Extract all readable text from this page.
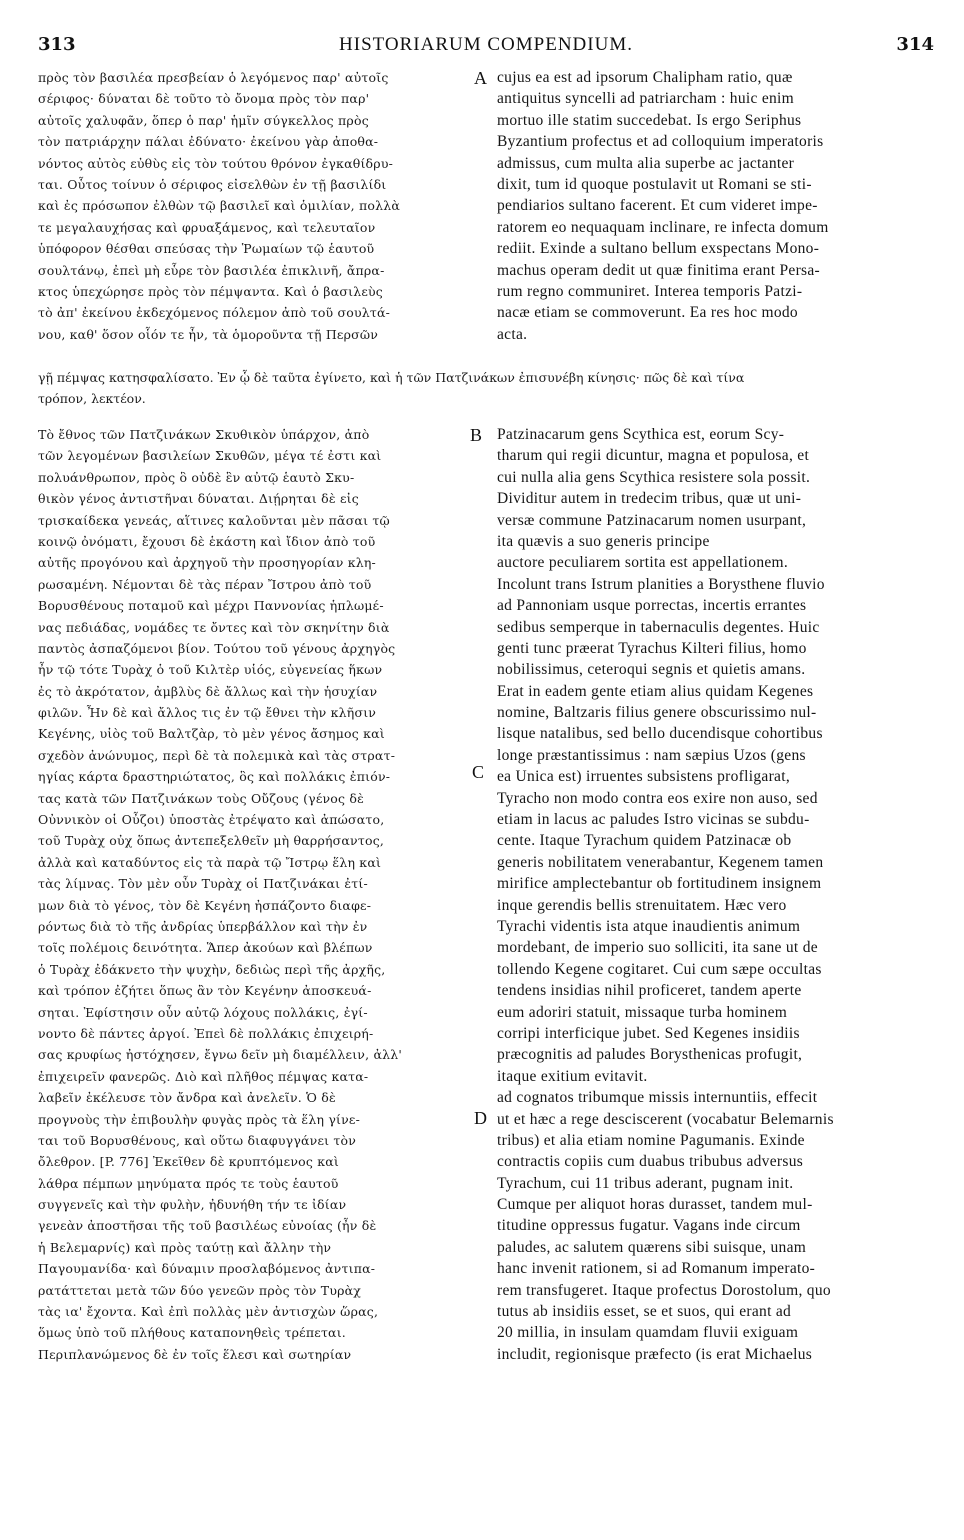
313	HISTORIARUM COMPENDIUM.	314
πρὸς τὸν βασιλέα πρεσβείαν ὁ λεγόμενος παρ' αὐτοῖς
σέριφος· δύναται δὲ τοῦτο τὸ ὄνομα πρὸς τὸν παρ'
αὐτοῖς χαλυφᾶν, ὅπερ ὁ παρ' ἡμῖν σύγκελλος πρὸς
τὸν πατριάρχην πάλαι ἐδύνατο· ἐκείνου γὰρ ἀποθα-
νόντος αὐτὸς εὐθὺς εἰς τὸν τούτου θρόνον ἐγκαθίδρυ-
ται. Οὗτος τοίνυν ὁ σέριφος εἰσελθὼν ἐν τῇ βασιλίδι
καὶ ἐς πρόσωπον ἐλθὼν τῷ βασιλεῖ καὶ ὁμιλίαν, πολλὰ
τε μεγαλαυχήσας καὶ φρυαξάμενος, καὶ τελευταῖον
ὑπόφορον θέσθαι σπεύσας τὴν Ῥωμαίων τῷ ἑαυτοῦ
σουλτάνῳ, ἐπεὶ μὴ εὗρε τὸν βασιλέα ἐπικλινῆ, ἄπρα-
κτος ὑπεχώρησε πρὸς τὸν πέμψαντα. Καὶ ὁ βασιλεὺς
τὸ ἀπ' ἐκείνου ἐκδεχόμενος πόλεμον ἀπὸ τοῦ σουλτά-
νου, καθ' ὅσον οἷόν τε ἦν, τὰ ὁμοροῦντα τῇ Περσῶν
cujus ea est ad ipsorum Chalipham ratio, quæ
antiquitus syncelli ad patriarcham : huic enim
mortuo ille statim succedebat. Is ergo Seriphus
Byzantium profectus et ad colloquium imperatoris
admissus, cum multa alia superbe ac jactanter
dixit, tum id quoque postulavit ut Romani se sti-
pendiarios sultano facerent. Et cum videret impe-
ratorem eo nequaquam inclinare, re infecta domum
rediit. Exinde a sultano bellum exspectans Mono-
machus operam dedit ut quæ finitima erant Persa-
rum regno communiret. Interea temporis Patzi-
nacæ etiam se commoverunt. Ea res hoc modo
acta.
A
γῇ πέμψας κατησφαλίσατο. Ἐν ᾧ δὲ ταῦτα ἐγίνετο, καὶ ἡ τῶν Πατζινάκων ἐπισυνέβη κίνησις· πῶς δὲ καὶ τίνα
τρόπον, λεκτέον.
Τὸ ἔθνος τῶν Πατζινάκων Σκυθικὸν ὑπάρχον, ἀπὸ
τῶν λεγομένων βασιλείων Σκυθῶν, μέγα τέ ἐστι καὶ
πολυάνθρωπον, πρὸς ὃ οὐδὲ ἓν αὐτῷ ἑαυτὸ Σκυ-
θικὸν γένος ἀντιστῆναι δύναται. Διῄρηται δὲ εἰς
τρισκαίδεκα γενεάς, αἵτινες καλοῦνται μὲν πᾶσαι τῷ
κοινῷ ὀνόματι, ἔχουσι δὲ ἑκάστη καὶ ἴδιον ἀπὸ τοῦ
αὐτῆς προγόνου καὶ ἀρχηγοῦ τὴν προσηγορίαν κλη-
ρωσαμένη. Νέμονται δὲ τὰς πέραν Ἴστρου ἀπὸ τοῦ
Βορυσθένους ποταμοῦ καὶ μέχρι Παννονίας ἡπλωμέ-
νας πεδιάδας, νομάδες τε ὄντες καὶ τὸν σκηνίτην διὰ
παντὸς ἀσπαζόμενοι βίον. Τούτου τοῦ γένους ἀρχηγὸς
ἦν τῷ τότε Τυρὰχ ὁ τοῦ Κιλτὲρ υἱός, εὐγενείας ἥκων
ἐς τὸ ἀκρότατον, ἀμβλὺς δὲ ἄλλως καὶ τὴν ἡσυχίαν
φιλῶν. Ἦν δὲ καὶ ἄλλος τις ἐν τῷ ἔθνει τὴν κλῆσιν
Κεγένης, υἱὸς τοῦ Βαλτζὰρ, τὸ μὲν γένος ἄσημος καὶ
σχεδὸν ἀνώνυμος, περὶ δὲ τὰ πολεμικὰ καὶ τὰς στρατ-
ηγίας κάρτα δραστηριώτατος, ὃς καὶ πολλάκις ἐπιόν-
τας κατὰ τῶν Πατζινάκων τοὺς Οὔζους (γένος δὲ
Οὐννικὸν οἱ Οὖζοι) ὑποστὰς ἐτρέψατο καὶ ἀπώσατο,
τοῦ Τυρὰχ οὐχ ὅπως ἀντεπεξελθεῖν μὴ θαρρήσαντος,
ἀλλὰ καὶ καταδύντος εἰς τὰ παρὰ τῷ Ἴστρῳ ἕλη καὶ
τὰς λίμνας. Τὸν μὲν οὖν Τυρὰχ οἱ Πατζινάκαι ἐτί-
μων διὰ τὸ γένος, τὸν δὲ Κεγένη ἠσπάζοντο διαφε-
ρόντως διὰ τὸ τῆς ἀνδρίας ὑπερβάλλον καὶ τὴν ἐν
τοῖς πολέμοις δεινότητα. Ἅπερ ἀκούων καὶ βλέπων
ὁ Τυρὰχ ἐδάκνετο τὴν ψυχὴν, δεδιὼς περὶ τῆς ἀρχῆς,
καὶ τρόπον ἐζήτει ὅπως ἂν τὸν Κεγένην ἀποσκευά-
σηται. Ἐφίστησιν οὖν αὐτῷ λόχους πολλάκις, ἐγί-
νοντο δὲ πάντες ἀργοί. Ἐπεὶ δὲ πολλάκις ἐπιχειρή-
σας κρυφίως ἠστόχησεν, ἔγνω δεῖν μὴ διαμέλλειν, ἀλλ'
ἐπιχειρεῖν φανερῶς. Διὸ καὶ πλῆθος πέμψας κατα-
λαβεῖν ἐκέλευσε τὸν ἄνδρα καὶ ἀνελεῖν. Ὁ δὲ
προγνοὺς τὴν ἐπιβουλὴν φυγὰς πρὸς τὰ ἕλη γίνε-
ται τοῦ Βορυσθένους, καὶ οὕτω διαφυγγάνει τὸν
ὄλεθρον. [P. 776] Ἐκεῖθεν δὲ κρυπτόμενος καὶ
λάθρα πέμπων μηνύματα πρός τε τοὺς ἑαυτοῦ
συγγενεῖς καὶ τὴν φυλὴν, ἠδυνήθη τήν τε ἰδίαν
γενεὰν ἀποστῆσαι τῆς τοῦ βασιλέως εὐνοίας (ἦν δὲ
ἡ Βελεμαρνίς) καὶ πρὸς ταύτῃ καὶ ἄλλην τὴν
Παγουμανίδα· καὶ δύναμιν προσλαβόμενος ἀντιπα-
ρατάττεται μετὰ τῶν δύο γενεῶν πρὸς τὸν Τυρὰχ
τὰς ια' ἔχοντα. Καὶ ἐπὶ πολλὰς μὲν ἀντισχὼν ὥρας,
ὅμως ὑπὸ τοῦ πλήθους καταπονηθεὶς τρέπεται.
Περιπλανώμενος δὲ ἐν τοῖς ἕλεσι καὶ σωτηρίαν
Patzinacarum gens Scythica est, eorum Scy-
tharum qui regii dicuntur, magna et populosa, et
cui nulla alia gens Scythica resistere sola possit.
Dividitur autem in tredecim tribus, quæ ut uni-
versæ commune Patzinacarum nomen usurpant,
ita quævis a suo generis principe
auctore peculiarem sortita est appellationem.
Incolunt trans Istrum planities a Borysthene fluvio
ad Pannoniam usque porrectas, incertis errantes
sedibus semperque in tabernaculis degentes. Huic
genti tunc præerat Tyrachus Kilteri filius, homo
nobilissimus, ceteroqui segnis et quietis amans.
Erat in eadem gente etiam alius quidam Kegenes
nomine, Baltzaris filius genere obscurissimo nul-
lisque natalibus, sed bello ducendisque cohortibus
longe præstantissimus : nam sæpius Uzos (gens
ea Unica est) irruentes subsistens profligarat,
Tyracho non modo contra eos exire non auso, sed
etiam in lacus ac paludes Istro vicinas se subdu-
cente. Itaque Tyrachum quidem Patzinacæ ob
generis nobilitatem venerabantur, Kegenem tamen
mirifice amplectebantur ob fortitudinem insignem
inque gerendis bellis strenuitatem. Hæc vero
Tyrachi videntis ista atque inaudientis animum
mordebant, de imperio suo solliciti, ita sane ut de
tollendo Kegene cogitaret. Cui cum sæpe occultas
tendens insidias nihil proficeret, tandem aperte
eum adoriri statuit, missaque turba hominem
corripi interficique jubet. Sed Kegenes insidiis
præcognitis ad paludes Borysthenicas profugit,
itaque exitium evitavit.
ad cognatos tribumque missis internuntiis, effecit
ut et hæc a rege desciscerent (vocabatur Belemarnis
tribus) et alia etiam nomine Pagumanis. Exinde
contractis copiis cum duabus tribubus adversus
Tyrachum, cui 11 tribus aderant, pugnam init.
Cumque per aliquot horas durasset, tandem mul-
titudine oppressus fugatur. Vagans inde circum
paludes, ac salutem quærens sibi suisque, unam
hanc invenit rationem, si ad Romanum imperato-
rem transfugeret. Itaque profectus Dorostolum, quo
tutus ab insidiis esset, se et suos, qui erant ad
20 millia, in insulam quamdam fluvii exiguam
includit, regionisque præfecto (is erat Michaelus
B
C
D
